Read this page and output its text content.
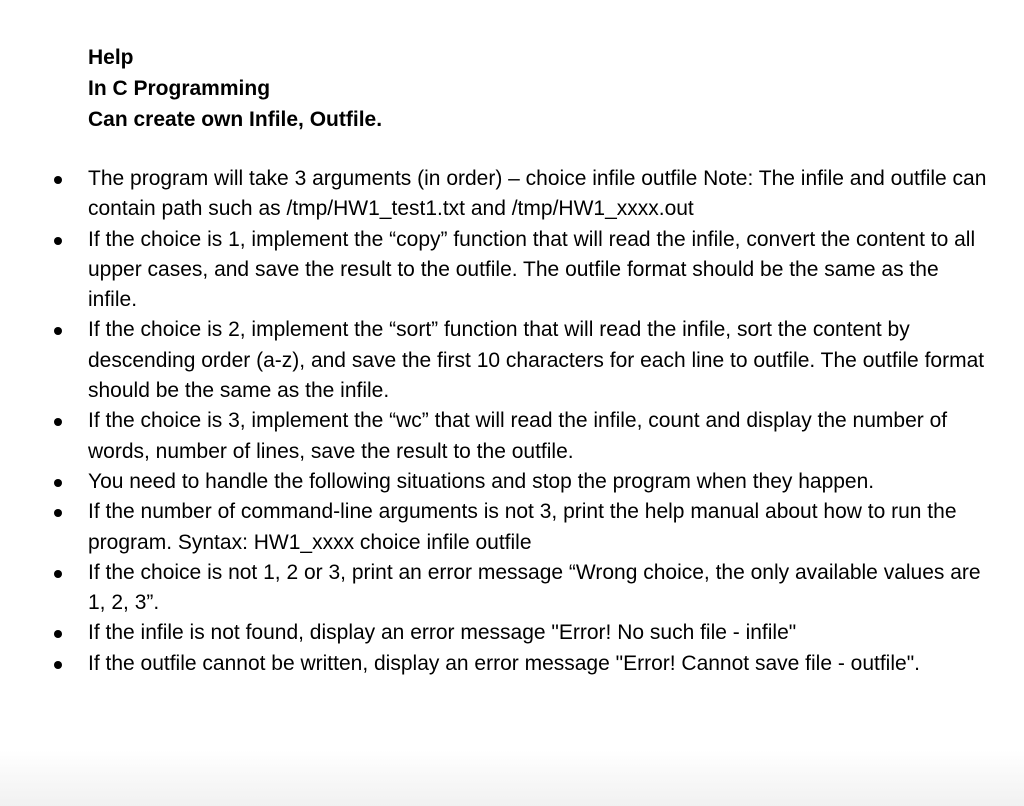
Help
In C Programming
Can create own Infile, Outfile.
The program will take 3 arguments (in order) – choice infile outfile Note: The infile and outfile can contain path such as /tmp/HW1_test1.txt and /tmp/HW1_xxxx.out
If the choice is 1, implement the “copy” function that will read the infile, convert the content to all upper cases, and save the result to the outfile. The outfile format should be the same as the infile.
If the choice is 2, implement the “sort” function that will read the infile, sort the content by descending order (a-z), and save the first 10 characters for each line to outfile. The outfile format should be the same as the infile.
If the choice is 3, implement the “wc” that will read the infile, count and display the number of words, number of lines, save the result to the outfile.
You need to handle the following situations and stop the program when they happen.
If the number of command-line arguments is not 3, print the help manual about how to run the program. Syntax: HW1_xxxx choice infile outfile
If the choice is not 1, 2 or 3, print an error message “Wrong choice, the only available values are 1, 2, 3”.
If the infile is not found, display an error message "Error! No such file - infile"
If the outfile cannot be written, display an error message "Error! Cannot save file - outfile".
